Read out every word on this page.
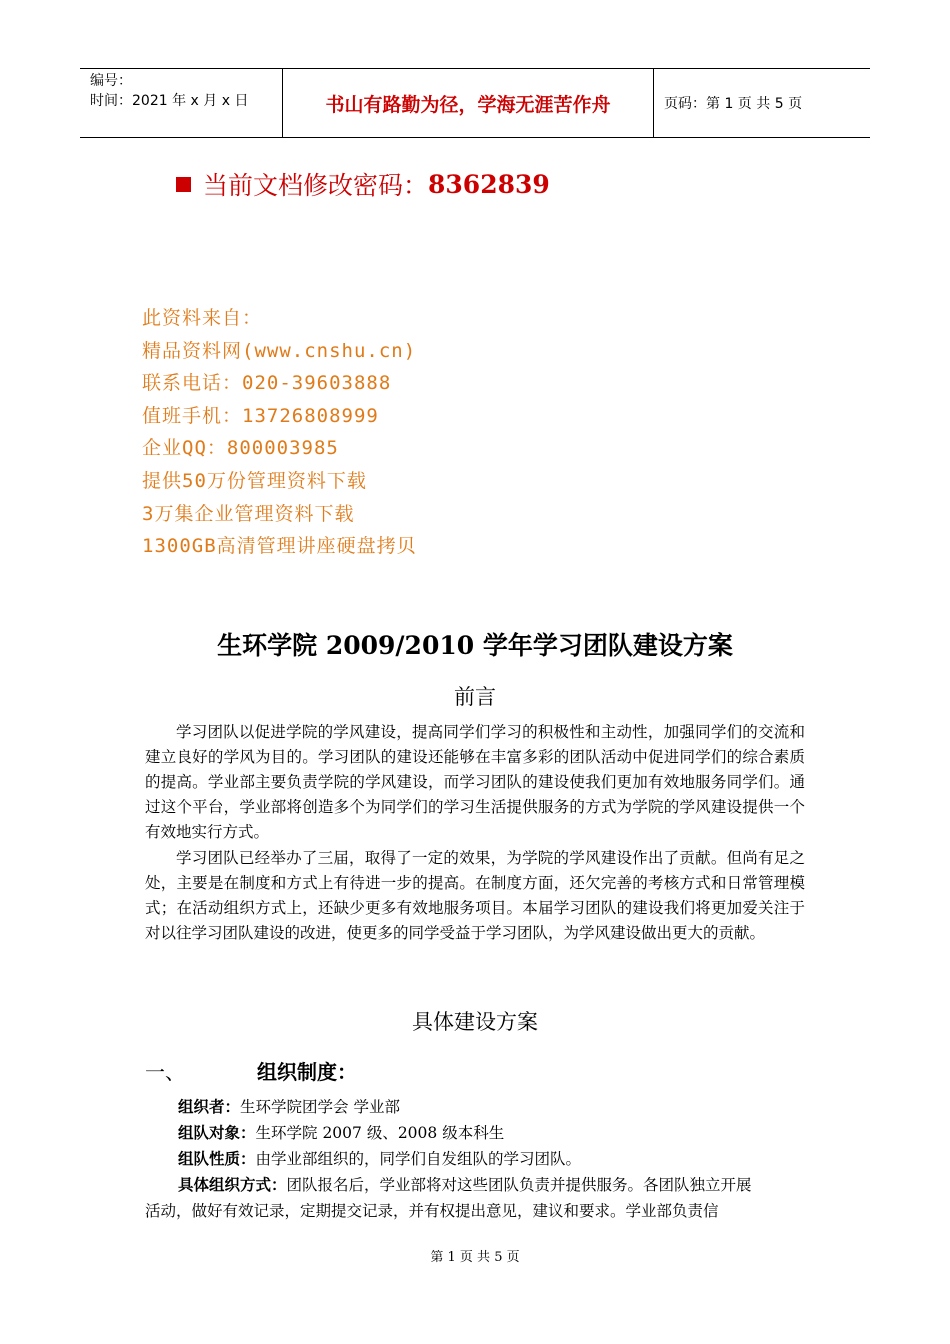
编号：
时间：2021 年 x 月 x 日	书山有路勤为径，学海无涯苦作舟	页码：第 1 页 共 5 页
当前文档修改密码： 8362839
此资料来自：
精品资料网(www.cnshu.cn)
联系电话：020-39603888
值班手机：13726808999
企业QQ：800003985
提供50万份管理资料下载
3万集企业管理资料下载
1300GB高清管理讲座硬盘拷贝
生环学院 2009/2010 学年学习团队建设方案
前言
学习团队以促进学院的学风建设，提高同学们学习的积极性和主动性，加强同学们的交流和建立良好的学风为目的。学习团队的建设还能够在丰富多彩的团队活动中促进同学们的综合素质的提高。学业部主要负责学院的学风建设，而学习团队的建设使我们更加有效地服务同学们。通过这个平台，学业部将创造多个为同学们的学习生活提供服务的方式为学院的学风建设提供一个有效地实行方式。
学习团队已经举办了三届，取得了一定的效果，为学院的学风建设作出了贡献。但尚有足之处，主要是在制度和方式上有待进一步的提高。在制度方面，还欠完善的考核方式和日常管理模式；在活动组织方式上，还缺少更多有效地服务项目。本届学习团队的建设我们将更加爱关注于对以往学习团队建设的改进，使更多的同学受益于学习团队，为学风建设做出更大的贡献。
具体建设方案
一、	组织制度：
组织者：生环学院团学会 学业部
组队对象：生环学院 2007 级、2008 级本科生
组队性质：由学业部组织的，同学们自发组队的学习团队。
具体组织方式：团队报名后，学业部将对这些团队负责并提供服务。各团队独立开展
活动，做好有效记录，定期提交记录，并有权提出意见，建议和要求。学业部负责信
第 1 页 共 5 页
